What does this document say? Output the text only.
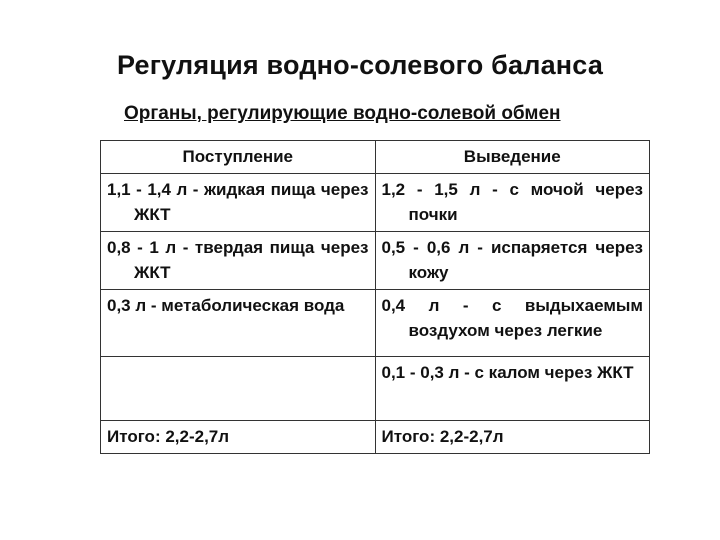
Регуляция водно-солевого баланса
Органы, регулирующие водно-солевой обмен
Поступление	Выведение

1,1 - 1,4 л - жидкая пища через ЖКТ	1,2 - 1,5 л - с мочой через почки

0,8 - 1 л - твердая пища через ЖКТ	0,5 - 0,6 л - испаряется через кожу

0,3 л - метаболическая вода	0,4 л - с выдыхаемым воздухом через легкие

	0,1 - 0,3 л - с калом через ЖКТ

Итого: 2,2-2,7л	Итого: 2,2-2,7л
